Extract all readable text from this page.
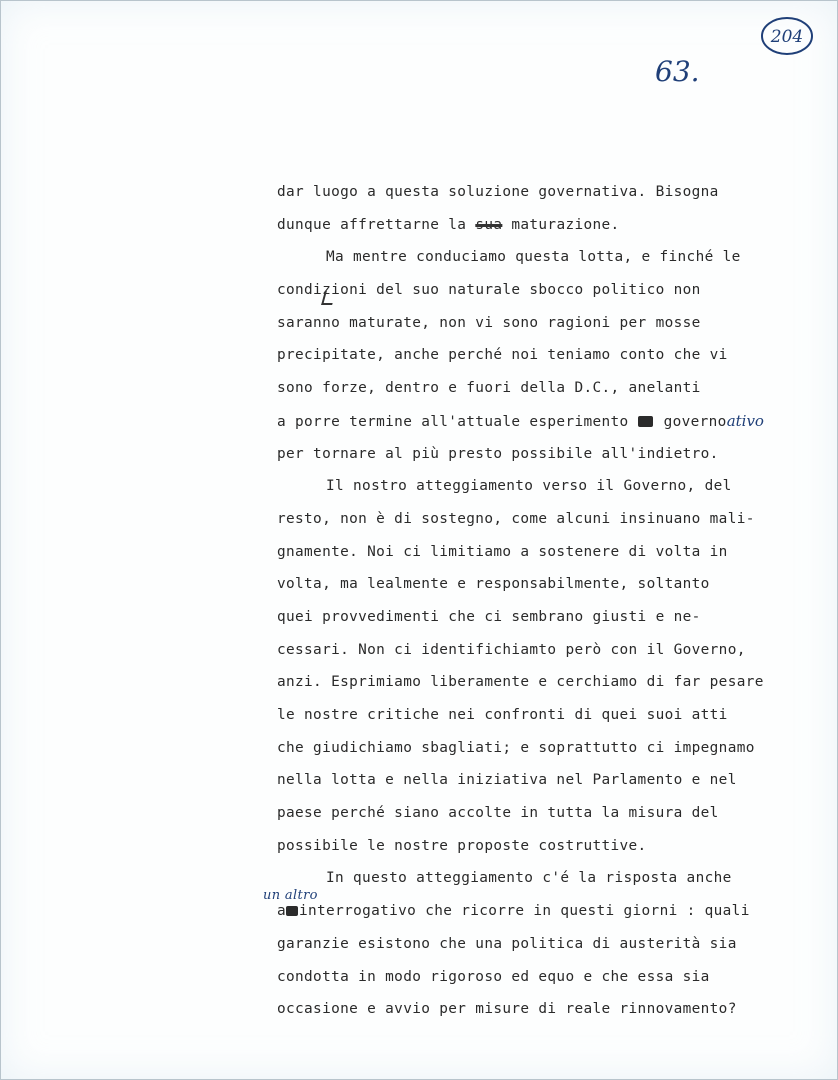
204
63.
dar luogo a questa soluzione governativa. Bisogna
dunque affrettarne la sua maturazione.
Ma mentre conduciamo questa lotta, e finché le
condizioni del suo naturale sbocco politico non
saranno maturate, non vi sono ragioni per mosse
precipitate, anche perché noi teniamo conto che vi
sono forze, dentro e fuori della D.C., anelanti
a porre termine all'attuale esperimento  governoativo
per tornare al più presto possibile all'indietro.
Il nostro atteggiamento verso il Governo, del
resto, non è di sostegno, come alcuni insinuano mali-
gnamente. Noi ci limitiamo a sostenere di volta in
volta, ma lealmente e responsabilmente, soltanto
quei provvedimenti che ci sembrano giusti e ne-
cessari. Non ci identifichiamto però con il Governo,
anzi. Esprimiamo liberamente e cerchiamo di far pesare
le nostre critiche nei confronti di quei suoi atti
che giudichiamo sbagliati; e soprattutto ci impegnamo
nella lotta e nella iniziativa nel Parlamento e nel
paese perché siano accolte in tutta la misura del
possibile le nostre proposte costruttive.
In questo atteggiamento c'é la risposta anche
un altro
a interrogativo che ricorre in questi giorni : quali
garanzie esistono che una politica di austerità sia
condotta in modo rigoroso ed equo e che essa sia
occasione e avvio per misure di reale rinnovamento?
